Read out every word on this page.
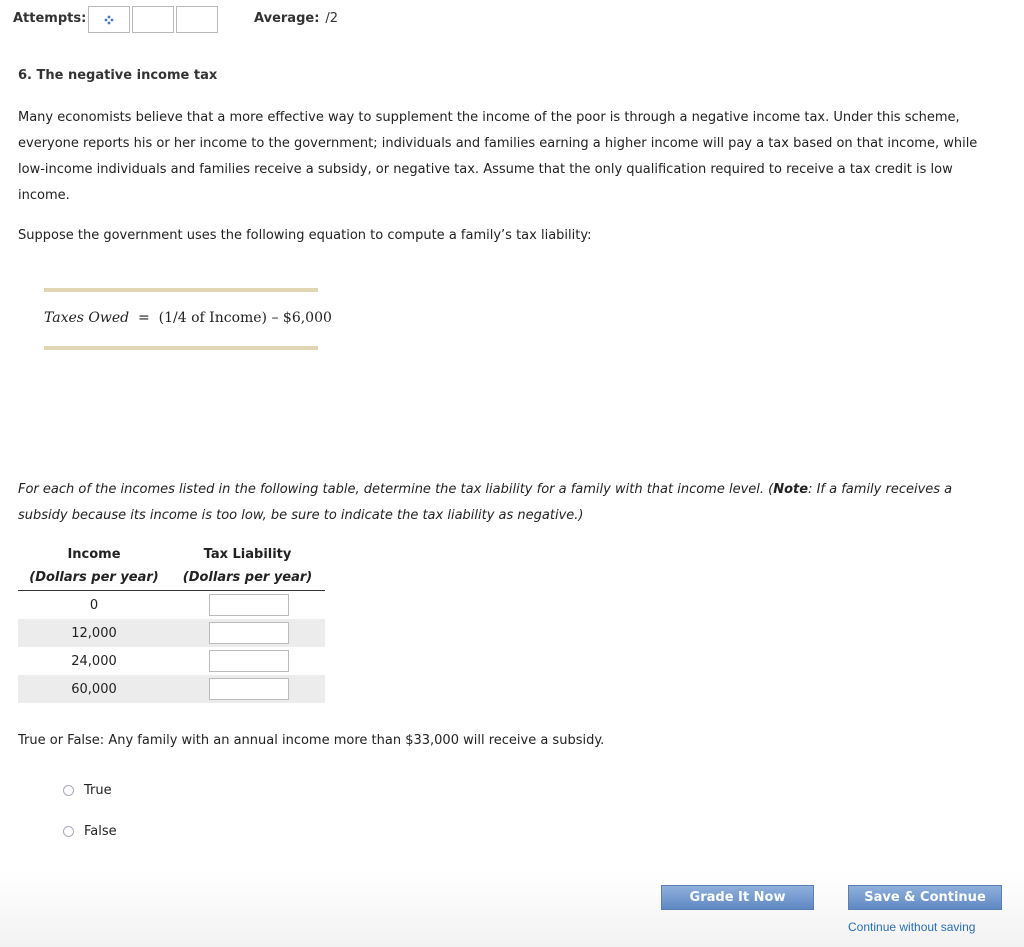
Attempts:	Average: /2
6. The negative income tax
Many economists believe that a more effective way to supplement the income of the poor is through a negative income tax. Under this scheme, everyone reports his or her income to the government; individuals and families earning a higher income will pay a tax based on that income, while low-income individuals and families receive a subsidy, or negative tax. Assume that the only qualification required to receive a tax credit is low income.
Suppose the government uses the following equation to compute a family’s tax liability:
Taxes Owed = (1/4 of Income) – $6,000
For each of the incomes listed in the following table, determine the tax liability for a family with that income level. (Note: If a family receives a subsidy because its income is too low, be sure to indicate the tax liability as negative.)
Income	Tax Liability
(Dollars per year)	(Dollars per year)
0
12,000
24,000
60,000
True or False: Any family with an annual income more than $33,000 will receive a subsidy.
True
False
Grade It Now	Save & Continue
Continue without saving
